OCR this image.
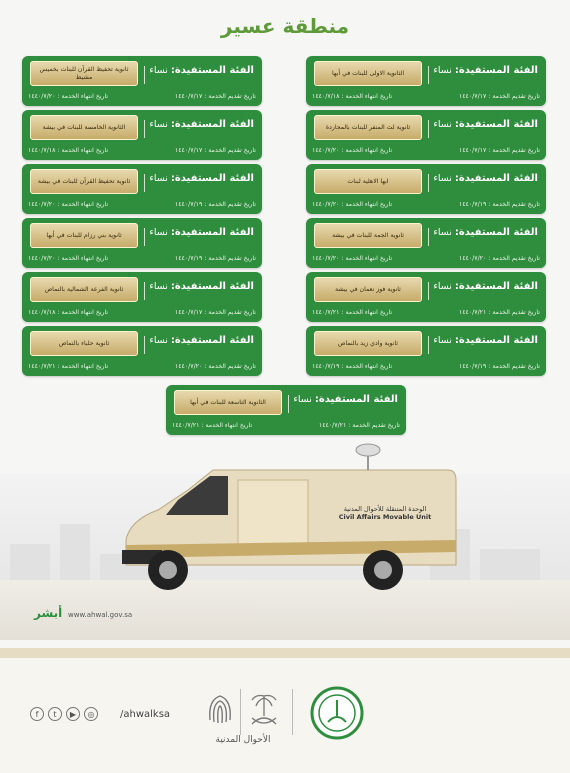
منطقة عسير
الفئة المستفيدة: نساء
الثانوية الاولى للبنات في أبها
تاريخ تقديم الخدمة : ١٤٤٠/٧/١٧
تاريخ انتهاء الخدمة : ١٤٤٠/٧/١٨
الفئة المستفيدة: نساء
ثانوية تحفيظ القرآن للبنات بخميس مشيط
تاريخ تقديم الخدمة : ١٤٤٠/٧/١٧
تاريخ انتهاء الخدمة : ١٤٤٠/٧/٢٠
الفئة المستفيدة: نساء
ثانوية لث المنفر للبنات بالمجاردة
تاريخ تقديم الخدمة : ١٤٤٠/٧/١٧
تاريخ انتهاء الخدمة : ١٤٤٠/٧/٢٠
الفئة المستفيدة: نساء
الثانوية الخامسة للبنات في بيشة
تاريخ تقديم الخدمة : ١٤٤٠/٧/١٧
تاريخ انتهاء الخدمة : ١٤٤٠/٧/١٨
الفئة المستفيدة: نساء
ابها الاهلية لبنات
تاريخ تقديم الخدمة : ١٤٤٠/٧/١٩
تاريخ انتهاء الخدمة : ١٤٤٠/٧/٢٠
الفئة المستفيدة: نساء
ثانوية تحفيظ القرآن للبنات في بيشة
تاريخ تقديم الخدمة : ١٤٤٠/٧/١٩
تاريخ انتهاء الخدمة : ١٤٤٠/٧/٢٠
الفئة المستفيدة: نساء
ثانوية الجمة للبنات في بيشة
تاريخ تقديم الخدمة : ١٤٤٠/٧/٢٠
تاريخ انتهاء الخدمة : ١٤٤٠/٧/٢٠
الفئة المستفيدة: نساء
ثانوية بني رزام للبنات في أبها
تاريخ تقديم الخدمة : ١٤٤٠/٧/١٩
تاريخ انتهاء الخدمة : ١٤٤٠/٧/٢٠
الفئة المستفيدة: نساء
ثانوية فوز نعمان في بيشة
تاريخ تقديم الخدمة : ١٤٤٠/٧/٢١
تاريخ انتهاء الخدمة : ١٤٤٠/٧/٢١
الفئة المستفيدة: نساء
ثانوية الفرعة الشمالية بالنماص
تاريخ تقديم الخدمة : ١٤٤٠/٧/١٧
تاريخ انتهاء الخدمة : ١٤٤٠/٧/١٨
الفئة المستفيدة: نساء
ثانوية وادي زيد بالنماص
تاريخ تقديم الخدمة : ١٤٤٠/٧/١٩
تاريخ انتهاء الخدمة : ١٤٤٠/٧/١٩
الفئة المستفيدة: نساء
ثانوية حلباء بالنماص
تاريخ تقديم الخدمة : ١٤٤٠/٧/٢٠
تاريخ انتهاء الخدمة : ١٤٤٠/٧/٢١
الفئة المستفيدة: نساء
الثانوية التاسعة للبنات في أبها
تاريخ تقديم الخدمة : ١٤٤٠/٧/٢١
تاريخ انتهاء الخدمة : ١٤٤٠/٧/٢١
الوحدة المتنقلة للأحوال المدنية
Civil Affairs Movable Unit
أبشر www.ahwal.gov.sa
f	t	▶	◎	/ahwalksa
الأحوال المدنية
